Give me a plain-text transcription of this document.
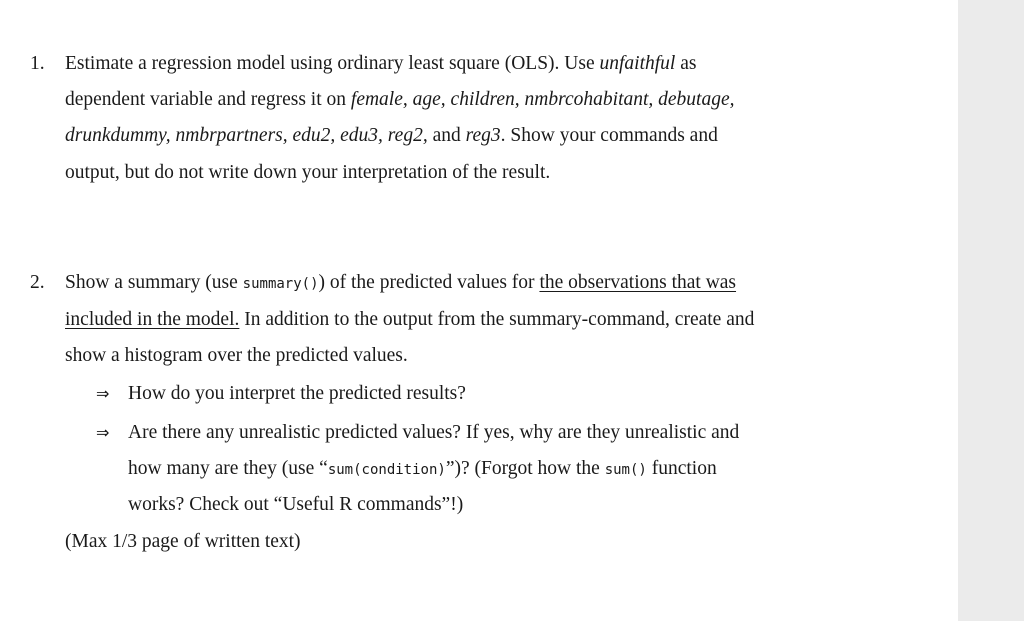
1. Estimate a regression model using ordinary least square (OLS). Use unfaithful as
dependent variable and regress it on female, age, children, nmbrcohabitant, debutage,
drunkdummy, nmbrpartners, edu2, edu3, reg2, and reg3. Show your commands and
output, but do not write down your interpretation of the result.
2. Show a summary (use summary()) of the predicted values for the observations that was
included in the model. In addition to the output from the summary-command, create and
show a histogram over the predicted values.
⇒ How do you interpret the predicted results?
⇒ Are there any unrealistic predicted values? If yes, why are they unrealistic and
how many are they (use “sum(condition)”)? (Forgot how the sum() function
works? Check out “Useful R commands”!)
(Max 1/3 page of written text)
